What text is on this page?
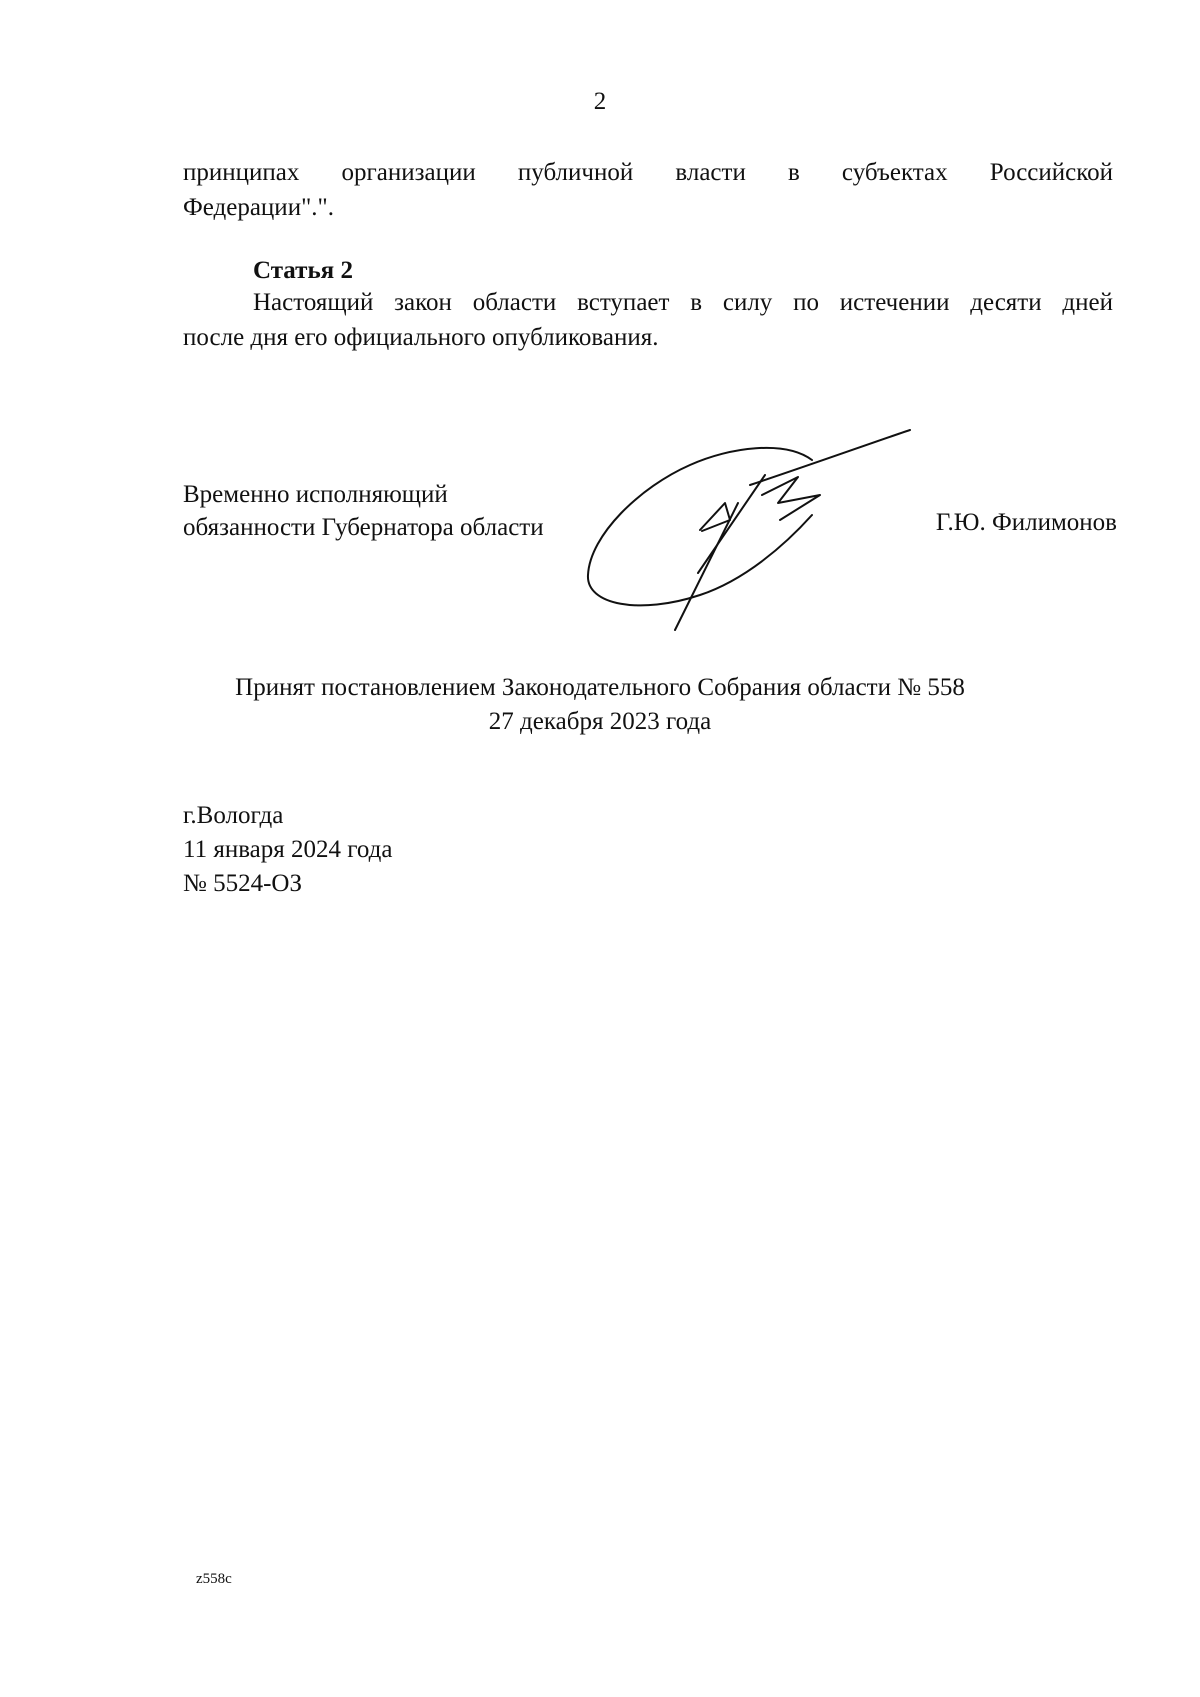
2
принципах организации публичной власти в субъектах Российской
Федерации".".
Статья 2
Настоящий закон области вступает в силу по истечении десяти дней
после дня его официального опубликования.
Временно исполняющий
обязанности Губернатора области	Г.Ю. Филимонов
Принят постановлением Законодательного Собрания области № 558
27 декабря 2023 года
г.Вологда
11 января 2024 года
№ 5524-ОЗ
z558c
